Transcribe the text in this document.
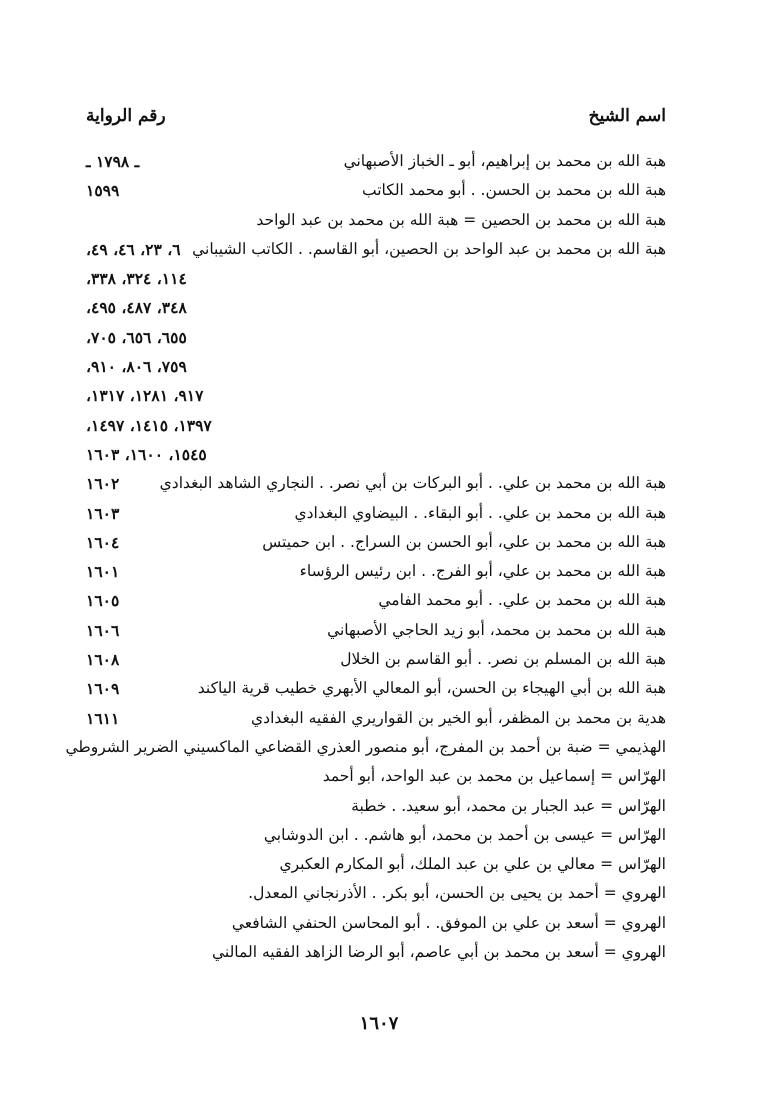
اسم الشيخ
رقم الرواية
هبة الله بن محمد بن إبراهيم، أبو ـ الخباز الأصبهاني
ـ ١٧٩٨ ـ
هبة الله بن محمد بن الحسن. . أبو محمد الكاتب
١٥٩٩
هبة الله بن محمد بن الحصين = هبة الله بن محمد بن عبد الواحد
هبة الله بن محمد بن عبد الواحد بن الحصين، أبو القاسم. . الكاتب الشيباني
٦، ٢٣، ٤٦، ٤٩،
١١٤، ٣٢٤، ٣٣٨،
٣٤٨، ٤٨٧، ٤٩٥،
٦٥٥، ٦٥٦، ٧٠٥،
٧٥٩، ٨٠٦، ٩١٠،
٩١٧، ١٢٨١، ١٣١٧،
١٣٩٧، ١٤١٥، ١٤٩٧،
١٥٤٥، ١٦٠٠، ١٦٠٣
هبة الله بن محمد بن علي. . أبو البركات بن أبي نصر. . النجاري الشاهد البغدادي
١٦٠٢
هبة الله بن محمد بن علي. . أبو البقاء. . البيضاوي البغدادي
١٦٠٣
هبة الله بن محمد بن علي، أبو الحسن بن السراج. . ابن حميتس
١٦٠٤
هبة الله بن محمد بن علي، أبو الفرج. . ابن رئيس الرؤساء
١٦٠١
هبة الله بن محمد بن علي. . أبو محمد الفامي
١٦٠٥
هبة الله بن محمد بن محمد، أبو زيد الحاجي الأصبهاني
١٦٠٦
هبة الله بن المسلم بن نصر. . أبو القاسم بن الخلال
١٦٠٨
هبة الله بن أبي الهيجاء بن الحسن، أبو المعالي الأبهري خطيب قرية الياكند
١٦٠٩
هدية بن محمد بن المظفر، أبو الخير بن القواريري الفقيه البغدادي
١٦١١
الهذيمي = ضبة بن أحمد بن المفرج، أبو منصور العذري القضاعي الماكسيني الضرير الشروطي
الهرّاس = إسماعيل بن محمد بن عبد الواحد، أبو أحمد
الهرّاس = عبد الجبار بن محمد، أبو سعيد. . خطبة
الهرّاس = عيسى بن أحمد بن محمد، أبو هاشم. . ابن الدوشابي
الهرّاس = معالي بن علي بن عبد الملك، أبو المكارم العكبري
الهروي = أحمد بن يحيى بن الحسن، أبو بكر. . الأذرنجاني المعدل.
الهروي = أسعد بن علي بن الموفق. . أبو المحاسن الحنفي الشافعي
الهروي = أسعد بن محمد بن أبي عاصم، أبو الرضا الزاهد الفقيه المالني
١٦٠٧
